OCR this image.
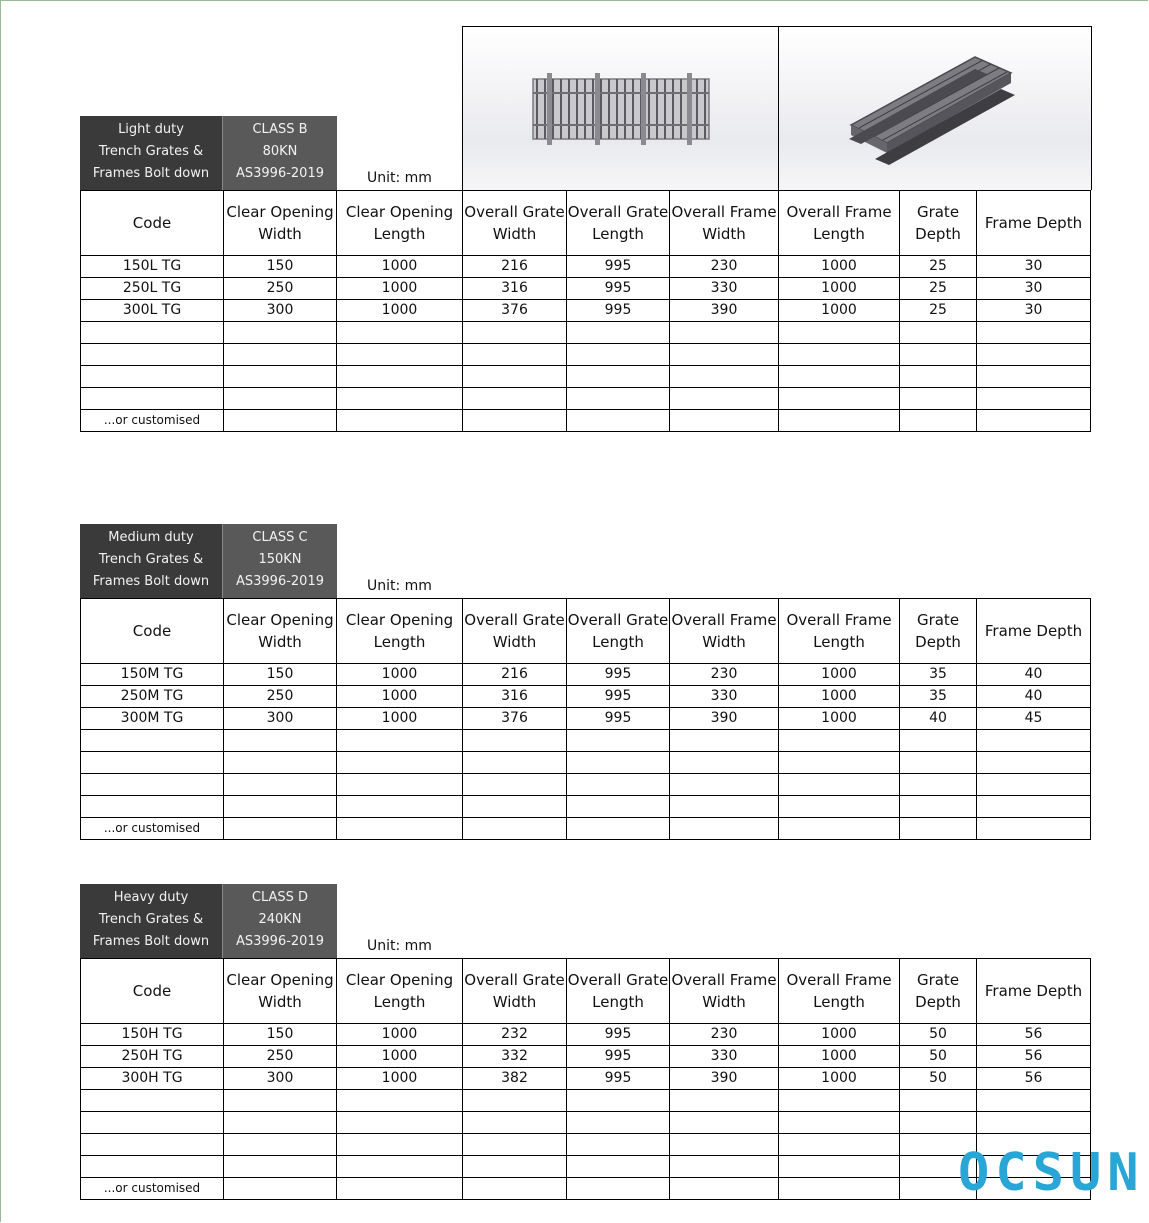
Light duty
Trench Grates &
Frames Bolt down
CLASS B
80KN
AS3996-2019	Unit: mm
Code	Clear Opening Width	Clear Opening Length	Overall Grate Width	Overall Grate Length	Overall Frame Width	Overall Frame Length	Grate Depth	Frame Depth
150L TG	150	1000	216	995	230	1000	25	30
250L TG	250	1000	316	995	330	1000	25	30
300L TG	300	1000	376	995	390	1000	25	30

...or customised								
Medium duty
Trench Grates &
Frames Bolt down
CLASS C
150KN
AS3996-2019	Unit: mm
Code	Clear Opening Width	Clear Opening Length	Overall Grate Width	Overall Grate Length	Overall Frame Width	Overall Frame Length	Grate Depth	Frame Depth
150M TG	150	1000	216	995	230	1000	35	40
250M TG	250	1000	316	995	330	1000	35	40
300M TG	300	1000	376	995	390	1000	40	45

...or customised								
Heavy duty
Trench Grates &
Frames Bolt down
CLASS D
240KN
AS3996-2019	Unit: mm
Code	Clear Opening Width	Clear Opening Length	Overall Grate Width	Overall Grate Length	Overall Frame Width	Overall Frame Length	Grate Depth	Frame Depth
150H TG	150	1000	232	995	230	1000	50	56
250H TG	250	1000	332	995	330	1000	50	56
300H TG	300	1000	382	995	390	1000	50	56

...or customised									O C S U N
